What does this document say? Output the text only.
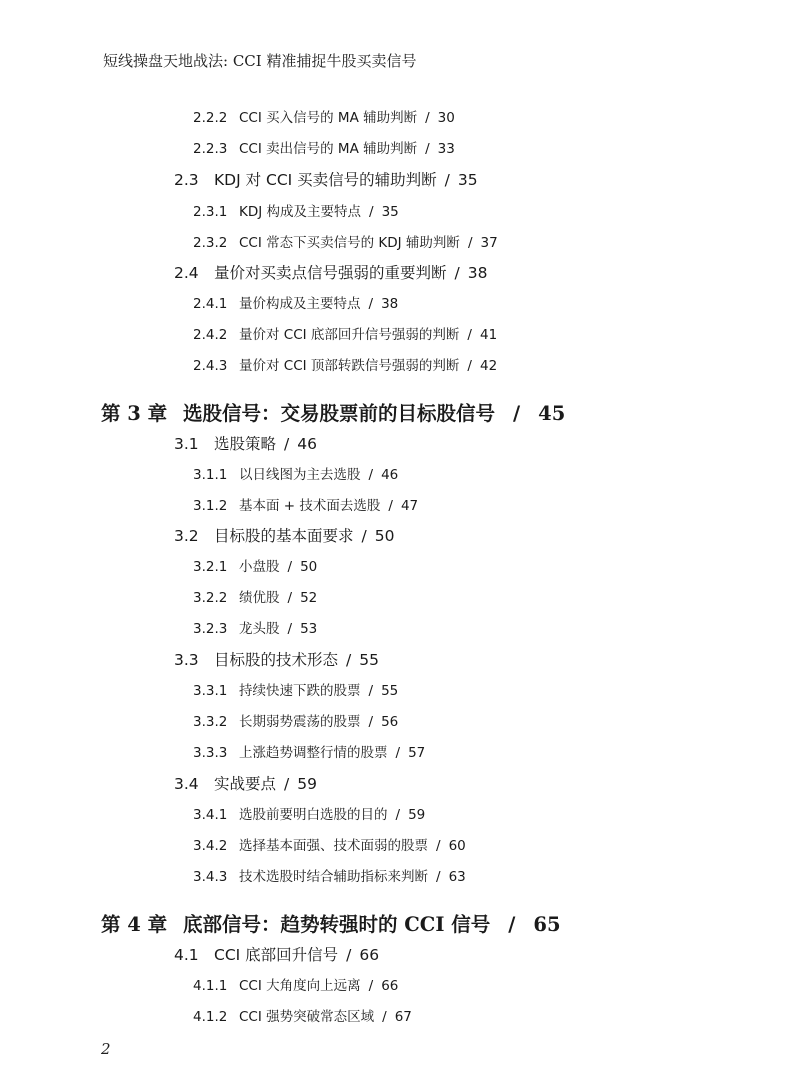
短线操盘天地战法: CCI 精准捕捉牛股买卖信号
2.2.2 CCI 买入信号的 MA 辅助判断 / 30
2.2.3 CCI 卖出信号的 MA 辅助判断 / 33
2.3 KDJ 对 CCI 买卖信号的辅助判断 / 35
2.3.1 KDJ 构成及主要特点 / 35
2.3.2 CCI 常态下买卖信号的 KDJ 辅助判断 / 37
2.4 量价对买卖点信号强弱的重要判断 / 38
2.4.1 量价构成及主要特点 / 38
2.4.2 量价对 CCI 底部回升信号强弱的判断 / 41
2.4.3 量价对 CCI 顶部转跌信号强弱的判断 / 42
第 3 章 选股信号：交易股票前的目标股信号 / 45
3.1 选股策略 / 46
3.1.1 以日线图为主去选股 / 46
3.1.2 基本面 + 技术面去选股 / 47
3.2 目标股的基本面要求 / 50
3.2.1 小盘股 / 50
3.2.2 绩优股 / 52
3.2.3 龙头股 / 53
3.3 目标股的技术形态 / 55
3.3.1 持续快速下跌的股票 / 55
3.3.2 长期弱势震荡的股票 / 56
3.3.3 上涨趋势调整行情的股票 / 57
3.4 实战要点 / 59
3.4.1 选股前要明白选股的目的 / 59
3.4.2 选择基本面强、技术面弱的股票 / 60
3.4.3 技术选股时结合辅助指标来判断 / 63
第 4 章 底部信号：趋势转强时的 CCI 信号 / 65
4.1 CCI 底部回升信号 / 66
4.1.1 CCI 大角度向上远离 / 66
4.1.2 CCI 强势突破常态区域 / 67
2
